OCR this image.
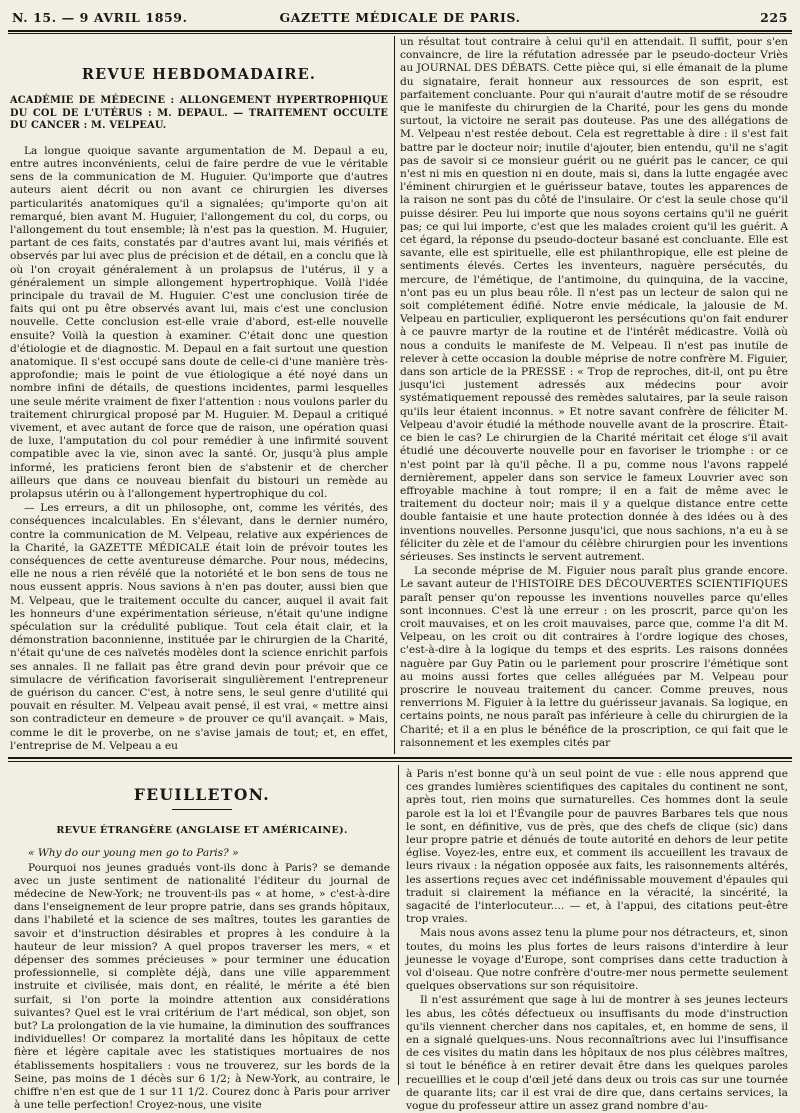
N. 15. — 9 AVRIL 1859.	GAZETTE MÉDICALE DE PARIS.	225
REVUE HEBDOMADAIRE.
ACADÉMIE DE MÉDECINE : ALLONGEMENT HYPERTROPHIQUE DU COL DE L'UTÉRUS : M. DEPAUL. — TRAITEMENT OCCULTE DU CANCER : M. VELPEAU.

La longue quoique savante argumentation de M. Depaul a eu, entre autres inconvénients, celui de faire perdre de vue le véritable sens de la communication de M. Huguier. Qu'importe que d'autres auteurs aient décrit ou non avant ce chirurgien les diverses particularités anatomiques qu'il a signalées; qu'importe qu'on ait remarqué, bien avant M. Huguier, l'allongement du col, du corps, ou l'allongement du tout ensemble; là n'est pas la question. M. Huguier, partant de ces faits, constatés par d'autres avant lui, mais vérifiés et observés par lui avec plus de précision et de détail, en a conclu que là où l'on croyait généralement à un prolapsus de l'utérus, il y a généralement un simple allongement hypertrophique. Voilà l'idée principale du travail de M. Huguier. C'est une conclusion tirée de faits qui ont pu être observés avant lui, mais c'est une conclusion nouvelle. Cette conclusion est-elle vraie d'abord, est-elle nouvelle ensuite? Voilà la question à examiner. C'était donc une question d'étiologie et de diagnostic. M. Depaul en a fait surtout une question anatomique. Il s'est occupé sans doute de celle-ci d'une manière très-approfondie; mais le point de vue étiologique a été noyé dans un nombre infini de détails, de questions incidentes, parmi lesquelles une seule mérite vraiment de fixer l'attention : nous voulons parler du traitement chirurgical proposé par M. Huguier. M. Depaul a critiqué vivement, et avec autant de force que de raison, une opération quasi de luxe, l'amputation du col pour remédier à une infirmité souvent compatible avec la vie, sinon avec la santé. Or, jusqu'à plus ample informé, les praticiens feront bien de s'abstenir et de chercher ailleurs que dans ce nouveau bienfait du bistouri un remède au prolapsus utérin ou à l'allongement hypertrophique du col.

— Les erreurs, a dit un philosophe, ont, comme les vérités, des conséquences incalculables. En s'élevant, dans le dernier numéro, contre la communication de M. Velpeau, relative aux expériences de la Charité, la GAZETTE MÉDICALE était loin de prévoir toutes les conséquences de cette aventureuse démarche. Pour nous, médecins, elle ne nous a rien révélé que la notoriété et le bon sens de tous ne nous eussent appris. Nous savions à n'en pas douter, aussi bien que M. Velpeau, que le traitement occulte du cancer, auquel il avait fait les honneurs d'une expérimentation sérieuse, n'était qu'une indigne spéculation sur la crédulité publique. Tout cela était clair, et la démonstration baconnienne, instituée par le chirurgien de la Charité, n'était qu'une de ces naïvetés modèles dont la science enrichit parfois ses annales. Il ne fallait pas être grand devin pour prévoir que ce simulacre de vérification favoriserait singulièrement l'entrepreneur de guérison du cancer. C'est, à notre sens, le seul genre d'utilité qui pouvait en résulter. M. Velpeau avait pensé, il est vrai, « mettre ainsi son contradicteur en demeure » de prouver ce qu'il avançait. » Mais, comme le dit le proverbe, on ne s'avise jamais de tout; et, en effet, l'entreprise de M. Velpeau a eu

un résultat tout contraire à celui qu'il en attendait. Il suffit, pour s'en convaincre, de lire la réfutation adressée par le pseudo-docteur Vriès au JOURNAL DES DÉBATS. Cette pièce qui, si elle émanait de la plume du signataire, ferait honneur aux ressources de son esprit, est parfaitement concluante. Pour qui n'aurait d'autre motif de se résoudre que le manifeste du chirurgien de la Charité, pour les gens du monde surtout, la victoire ne serait pas douteuse. Pas une des allégations de M. Velpeau n'est restée debout. Cela est regrettable à dire : il s'est fait battre par le docteur noir; inutile d'ajouter, bien entendu, qu'il ne s'agit pas de savoir si ce monsieur guérit ou ne guérit pas le cancer, ce qui n'est ni mis en question ni en doute, mais si, dans la lutte engagée avec l'éminent chirurgien et le guérisseur batave, toutes les apparences de la raison ne sont pas du côté de l'insulaire. Or c'est la seule chose qu'il puisse désirer. Peu lui importe que nous soyons certains qu'il ne guérit pas; ce qui lui importe, c'est que les malades croient qu'il les guérit. A cet égard, la réponse du pseudo-docteur basané est concluante. Elle est savante, elle est spirituelle, elle est philanthropique, elle est pleine de sentiments élevés. Certes les inventeurs, naguère persécutés, du mercure, de l'émétique, de l'antimoine, du quinquina, de la vaccine, n'ont pas eu un plus beau rôle. Il n'est pas un lecteur de salon qui ne soit complétement édifié. Notre envie médicale, la jalousie de M. Velpeau en particulier, expliqueront les persécutions qu'on fait endurer à ce pauvre martyr de la routine et de l'intérêt médicastre. Voilà où nous a conduits le manifeste de M. Velpeau. Il n'est pas inutile de relever à cette occasion la double méprise de notre confrère M. Figuier, dans son article de la PRESSE : « Trop de reproches, dit-il, ont pu être jusqu'ici justement adressés aux médecins pour avoir systématiquement repoussé des remèdes salutaires, par la seule raison qu'ils leur étaient inconnus. » Et notre savant confrère de féliciter M. Velpeau d'avoir étudié la méthode nouvelle avant de la proscrire. Était-ce bien le cas? Le chirurgien de la Charité méritait cet éloge s'il avait étudié une découverte nouvelle pour en favoriser le triomphe : or ce n'est point par là qu'il pêche. Il a pu, comme nous l'avons rappelé dernièrement, appeler dans son service le fameux Louvrier avec son effroyable machine à tout rompre; il en a fait de même avec le traitement du docteur noir; mais il y a quelque distance entre cette double fantaisie et une haute protection donnée à des idées ou à des inventions nouvelles. Personne jusqu'ici, que nous sachions, n'a eu à se féliciter du zèle et de l'amour du célèbre chirurgien pour les inventions sérieuses. Ses instincts le servent autrement.

La seconde méprise de M. Figuier nous paraît plus grande encore. Le savant auteur de l'HISTOIRE DES DÉCOUVERTES SCIENTIFIQUES paraît penser qu'on repousse les inventions nouvelles parce qu'elles sont inconnues. C'est là une erreur : on les proscrit, parce qu'on les croit mauvaises, et on les croit mauvaises, parce que, comme l'a dit M. Velpeau, on les croit ou dit contraires à l'ordre logique des choses, c'est-à-dire à la logique du temps et des esprits. Les raisons données naguère par Guy Patin ou le parlement pour proscrire l'émétique sont au moins aussi fortes que celles alléguées par M. Velpeau pour proscrire le nouveau traitement du cancer. Comme preuves, nous renverrions M. Figuier à la lettre du guérisseur javanais. Sa logique, en certains points, ne nous paraît pas inférieure à celle du chirurgien de la Charité; et il a en plus le bénéfice de la proscription, ce qui fait que le raisonnement et les exemples cités par

FEUILLETON.
REVUE ÉTRANGÈRE (ANGLAISE ET AMÉRICAINE).

« Why do our young men go to Paris? »

Pourquoi nos jeunes gradués vont-ils donc à Paris? se demande avec un juste sentiment de nationalité l'éditeur du journal de médecine de New-York; ne trouvent-ils pas « at home, » c'est-à-dire dans l'enseignement de leur propre patrie, dans ses grands hôpitaux, dans l'habileté et la science de ses maîtres, toutes les garanties de savoir et d'instruction désirables et propres à les conduire à la hauteur de leur mission? A quel propos traverser les mers, « et dépenser des sommes précieuses » pour terminer une éducation professionnelle, si complète déjà, dans une ville apparemment instruite et civilisée, mais dont, en réalité, le mérite a été bien surfait, si l'on porte la moindre attention aux considérations suivantes? Quel est le vrai critérium de l'art médical, son objet, son but? La prolongation de la vie humaine, la diminution des souffrances individuelles! Or comparez la mortalité dans les hôpitaux de cette fière et légère capitale avec les statistiques mortuaires de nos établissements hospitaliers : vous ne trouverez, sur les bords de la Seine, pas moins de 1 décès sur 6 1/2; à New-York, au contraire, le chiffre n'en est que de 1 sur 11 1/2. Courez donc à Paris pour arriver à une telle perfection! Croyez-nous, une visite

à Paris n'est bonne qu'à un seul point de vue : elle nous apprend que ces grandes lumières scientifiques des capitales du continent ne sont, après tout, rien moins que surnaturelles. Ces hommes dont la seule parole est la loi et l'Évangile pour de pauvres Barbares tels que nous le sont, en définitive, vus de près, que des chefs de clique (sic) dans leur propre patrie et dénués de toute autorité en dehors de leur petite église. Voyez-les, entre eux, et comment ils accueillent les travaux de leurs rivaux : la négation opposée aux faits, les raisonnements altérés, les assertions reçues avec cet indéfinissable mouvement d'épaules qui traduit si clairement la méfiance en la véracité, la sincérité, la sagacité de l'interlocuteur.... — et, à l'appui, des citations peut-être trop vraies.

Mais nous avons assez tenu la plume pour nos détracteurs, et, sinon toutes, du moins les plus fortes de leurs raisons d'interdire à leur jeunesse le voyage d'Europe, sont comprises dans cette traduction à vol d'oiseau. Que notre confrère d'outre-mer nous permette seulement quelques observations sur son réquisitoire.

Il n'est assurément que sage à lui de montrer à ses jeunes lecteurs les abus, les côtés défectueux ou insuffisants du mode d'instruction qu'ils viennent chercher dans nos capitales, et, en homme de sens, il en a signalé quelques-uns. Nous reconnaîtrions avec lui l'insuffisance de ces visites du matin dans les hôpitaux de nos plus célèbres maîtres, si tout le bénéfice à en retirer devait être dans les quelques paroles recueillies et le coup d'œil jeté dans deux ou trois cas sur une tournée de quarante lits; car il est vrai de dire que, dans certains services, la vogue du professeur attire un assez grand nombre d'au-
